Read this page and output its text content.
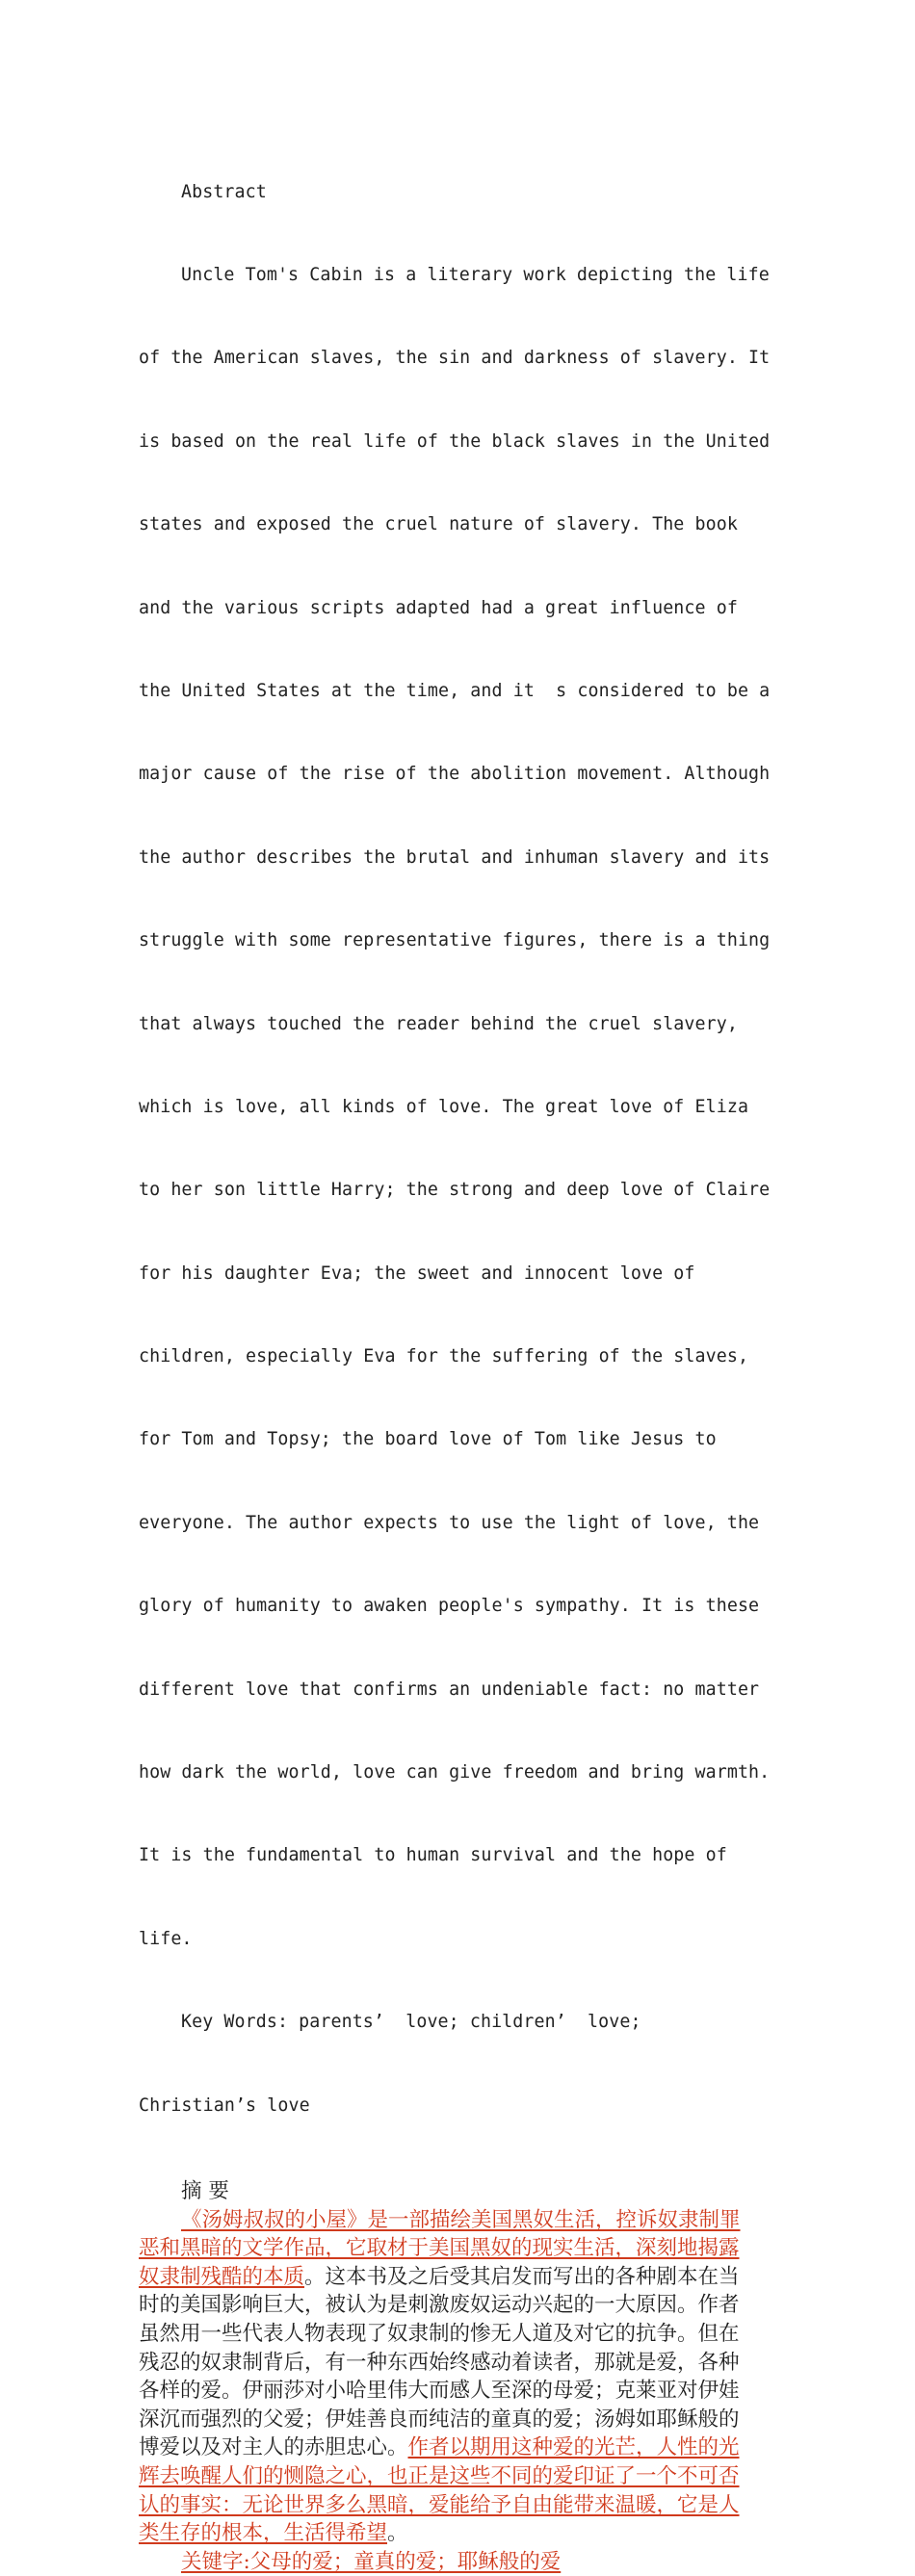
Abstract

Uncle Tom's Cabin is a literary work depicting the life

of the American slaves, the sin and darkness of slavery. It

is based on the real life of the black slaves in the United

states and exposed the cruel nature of slavery. The book

and the various scripts adapted had a great influence of

the United States at the time, and it  s considered to be a

major cause of the rise of the abolition movement. Although

the author describes the brutal and inhuman slavery and its

struggle with some representative figures, there is a thing

that always touched the reader behind the cruel slavery,

which is love, all kinds of love. The great love of Eliza

to her son little Harry; the strong and deep love of Claire

for his daughter Eva; the sweet and innocent love of

children, especially Eva for the suffering of the slaves,

for Tom and Topsy; the board love of Tom like Jesus to

everyone. The author expects to use the light of love, the

glory of humanity to awaken people's sympathy. It is these

different love that confirms an undeniable fact: no matter

how dark the world, love can give freedom and bring warmth.

It is the fundamental to human survival and the hope of

life.

Key Words: parents’  love; children’  love;

Christian’s love

摘 要
《汤姆叔叔的小屋》是一部描绘美国黑奴生活，控诉奴隶制罪
恶和黑暗的文学作品，它取材于美国黑奴的现实生活，深刻地揭露
奴隶制残酷的本质。这本书及之后受其启发而写出的各种剧本在当
时的美国影响巨大，被认为是刺激废奴运动兴起的一大原因。作者
虽然用一些代表人物表现了奴隶制的惨无人道及对它的抗争。但在
残忍的奴隶制背后，有一种东西始终感动着读者，那就是爱，各种
各样的爱。伊丽莎对小哈里伟大而感人至深的母爱；克莱亚对伊娃
深沉而强烈的父爱；伊娃善良而纯洁的童真的爱；汤姆如耶稣般的
博爱以及对主人的赤胆忠心。作者以期用这种爱的光芒，人性的光
辉去唤醒人们的恻隐之心，也正是这些不同的爱印证了一个不可否
认的事实：无论世界多么黑暗，爱能给予自由能带来温暖，它是人
类生存的根本，生活得希望。
关键字:父母的爱；童真的爱；耶稣般的爱
